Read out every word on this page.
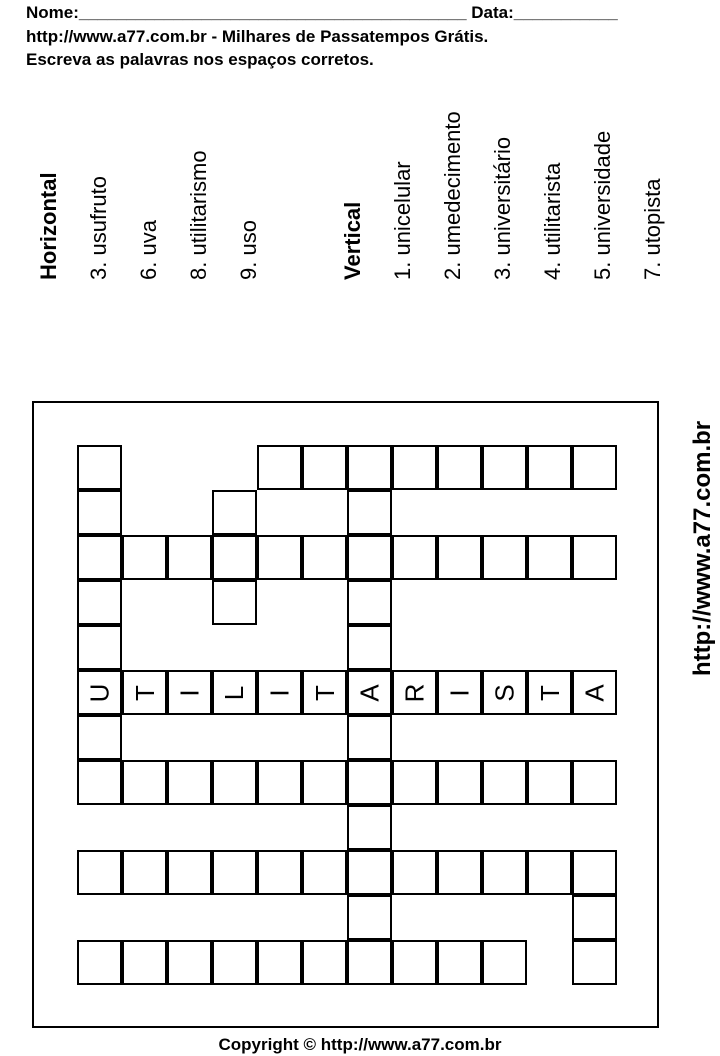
Nome:_________________________________________ Data:___________
http://www.a77.com.br - Milhares de Passatempos Grátis.
Escreva as palavras nos espaços corretos.
Horizontal 3. usufruto 6. uva 8. utilitarismo 9. uso	Vertical 1. unicelular 2. umedecimento 3. universitário 4. utilitarista 5. universidade 7. utopista
http://www.a77.com.br
U T I L I T A R I S T A
Copyright © http://www.a77.com.br
